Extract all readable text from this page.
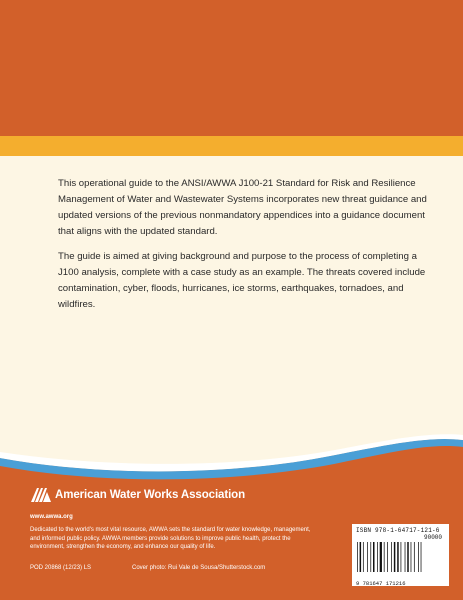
This operational guide to the ANSI/AWWA J100-21 Standard for Risk and Resilience Management of Water and Wastewater Systems incorporates new threat guidance and updated versions of the previous nonmandatory appendices into a guidance document that aligns with the updated standard.

The guide is aimed at giving background and purpose to the process of completing a J100 analysis, complete with a case study as an example. The threats covered include contamination, cyber, floods, hurricanes, ice storms, earthquakes, tornadoes, and wildfires.

American Water Works Association
www.awwa.org
Dedicated to the world's most vital resource, AWWA sets the standard for water knowledge, management, and informed public policy. AWWA members provide solutions to improve public health, protect the environment, strengthen the economy, and enhance our quality of life.
POD 20868 (12/23) LS	Cover photo: Rui Vale de Sousa/Shutterstock.com
ISBN 978-1-64717-121-6
9 781647 171216
90000
